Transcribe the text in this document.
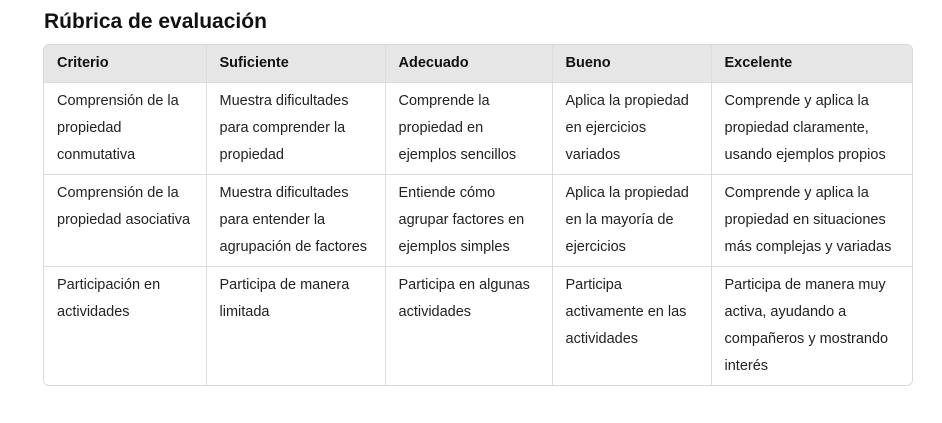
Rúbrica de evaluación
Criterio	Suficiente	Adecuado	Bueno	Excelente
Comprensión de la propiedad conmutativa	Muestra dificultades para comprender la propiedad	Comprende la propiedad en ejemplos sencillos	Aplica la propiedad en ejercicios variados	Comprende y aplica la propiedad claramente, usando ejemplos propios
Comprensión de la propiedad asociativa	Muestra dificultades para entender la agrupación de factores	Entiende cómo agrupar factores en ejemplos simples	Aplica la propiedad en la mayoría de ejercicios	Comprende y aplica la propiedad en situaciones más complejas y variadas
Participación en actividades	Participa de manera limitada	Participa en algunas actividades	Participa activamente en las actividades	Participa de manera muy activa, ayudando a compañeros y mostrando interés
